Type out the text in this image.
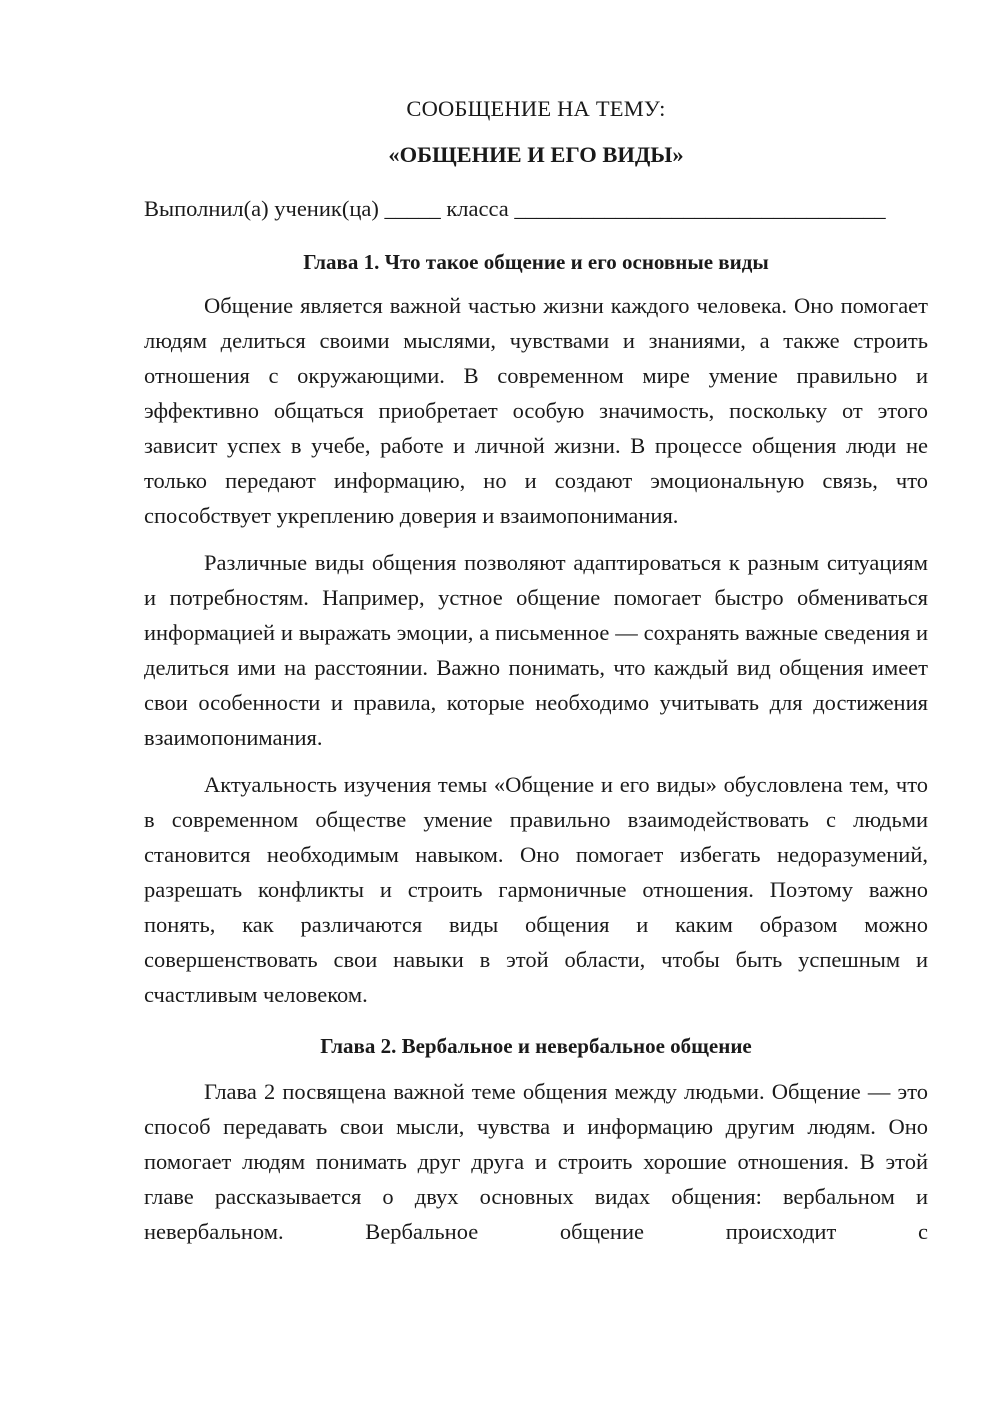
СООБЩЕНИЕ НА ТЕМУ:

«ОБЩЕНИЕ И ЕГО ВИДЫ»

Выполнил(а) ученик(ца) _____ класса _________________________________
Глава 1. Что такое общение и его основные виды

Общение является важной частью жизни каждого человека. Оно помогает людям делиться своими мыслями, чувствами и знаниями, а также строить отношения с окружающими. В современном мире умение правильно и эффективно общаться приобретает особую значимость, поскольку от этого зависит успех в учебе, работе и личной жизни. В процессе общения люди не только передают информацию, но и создают эмоциональную связь, что способствует укреплению доверия и взаимопонимания.

Различные виды общения позволяют адаптироваться к разным ситуациям и потребностям. Например, устное общение помогает быстро обмениваться информацией и выражать эмоции, а письменное — сохранять важные сведения и делиться ими на расстоянии. Важно понимать, что каждый вид общения имеет свои особенности и правила, которые необходимо учитывать для достижения взаимопонимания.

Актуальность изучения темы «Общение и его виды» обусловлена тем, что в современном обществе умение правильно взаимодействовать с людьми становится необходимым навыком. Оно помогает избегать недоразумений, разрешать конфликты и строить гармоничные отношения. Поэтому важно понять, как различаются виды общения и каким образом можно совершенствовать свои навыки в этой области, чтобы быть успешным и счастливым человеком.

Глава 2. Вербальное и невербальное общение

Глава 2 посвящена важной теме общения между людьми. Общение — это способ передавать свои мысли, чувства и информацию другим людям. Оно помогает людям понимать друг друга и строить хорошие отношения. В этой главе рассказывается о двух основных видах общения: вербальном и невербальном. Вербальное общение происходит с
